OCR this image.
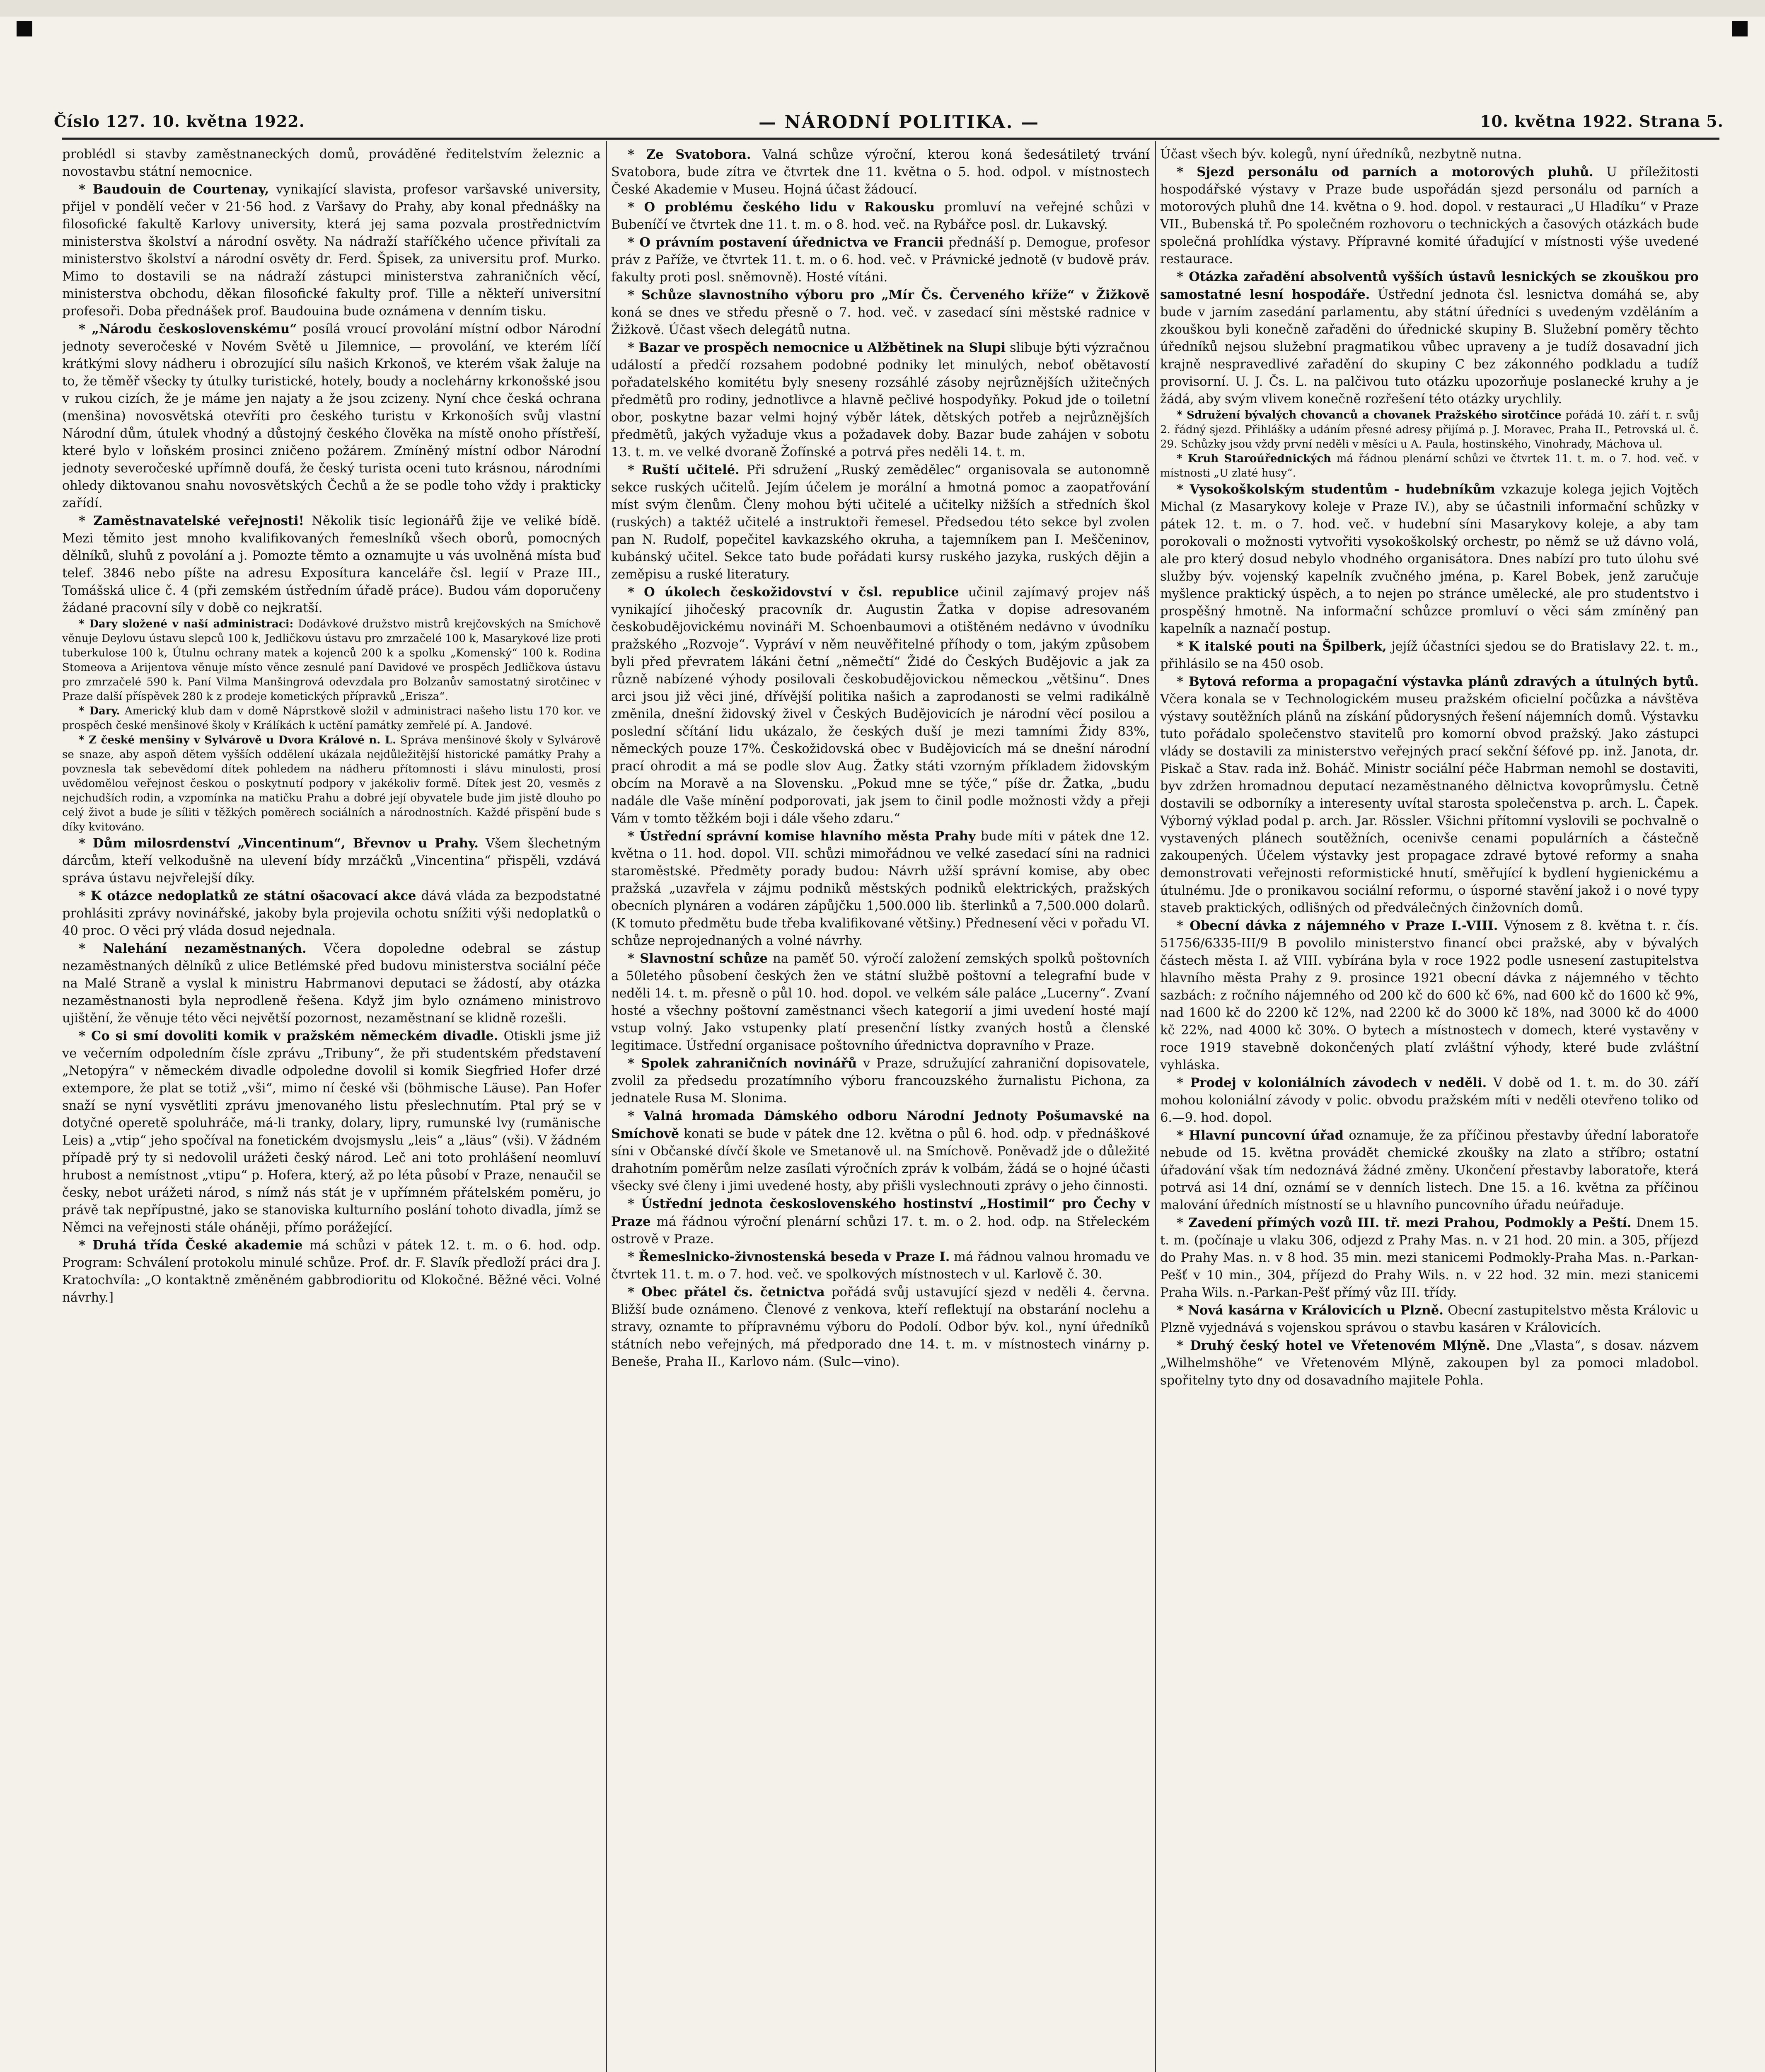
Číslo 127. 10. května 1922.	— NÁRODNÍ POLITIKA. —	10. května 1922. Strana 5.

problédl si stavby zaměstnaneckých domů, provádĕné ředitelstvím železnic a novostavbu státní nemocnice.

* Baudouin de Courtenay, vynikající slavista, profesor varšavské university, přijel v pondělí večer v 21·56 hod. z Varšavy do Prahy, aby konal přednášky na filosofické fakultě Karlovy university, která jej sama pozvala prostřednictvím ministerstva školství a národní osvěty. Na nádraží staříčkého učence přivítali za ministerstvo školství a národní osvěty dr. Ferd. Špisek, za universitu prof. Murko. Mimo to dostavili se na nádraží zástupci ministerstva zahraničních věcí, ministerstva obchodu, děkan filosofické fakulty prof. Tille a někteří universitní profesoři. Doba přednášek prof. Baudouina bude oznámena v denním tisku.

* „Národu československému“ posílá vroucí provolání místní odbor Národní jednoty severočeské v Novém Světě u Jilemnice, — provolání, ve kterém líčí krátkými slovy nádheru i obrozující sílu našich Krkonoš, ve kterém však žaluje na to, že těměř všecky ty útulky turistické, hotely, boudy a noclehárny krkonošské jsou v rukou cizích, že je máme jen najaty a že jsou zcizeny. Nyní chce česká ochrana (menšina) novosvětská otevříti pro českého turistu v Krkonoších svůj vlastní Národní dům, útulek vhodný a důstojný českého člověka na místě onoho přístřeší, které bylo v loňském prosinci zničeno požárem. Zmíněný místní odbor Národní jednoty severočeské upřímně doufá, že český turista oceni tuto krásnou, národními ohledy diktovanou snahu novosvětských Čechů a že se podle toho vždy i prakticky zařídí.

* Zaměstnavatelské veřejnosti! Několik tisíc legionářů žije ve veliké bídě. Mezi těmito jest mnoho kvalifikovaných řemeslníků všech oborů, pomocných dělníků, sluhů z povolání a j. Pomozte těmto a oznamujte u vás uvolněná místa buď telef. 3846 nebo píšte na adresu Exposítura kanceláře čsl. legií v Praze III., Tomášská ulice č. 4 (při zemském ústředním úřadě práce). Budou vám doporučeny žádané pracovní síly v době co nejkratší.

* Dary složené v naší administraci: Dodávkové družstvo mistrů krejčovských na Smíchově věnuje Deylovu ústavu slepců 100 k, Jedličkovu ústavu pro zmrzačelé 100 k, Masarykové lize proti tuberkulose 100 k, Útulnu ochrany matek a kojenců 200 k a spolku „Komenský“ 100 k. Rodina Stomeova a Arijentova věnuje místo věnce zesnulé paní Davidové ve prospěch Jedličkova ústavu pro zmrzačelé 590 k. Paní Vilma Manšingrová odevzdala pro Bolzanův samostatný sirotčinec v Praze další příspěvek 280 k z prodeje kometických přípravků „Erisza“.

* Dary. Americký klub dam v domě Náprstkově složil v administraci našeho listu 170 kor. ve prospěch české menšinové školy v Králíkách k uctění památky zemřelé pí. A. Jandové.

* Z české menšiny v Sylvárově u Dvora Králové n. L. Správa menšinové školy v Sylvárově se snaze, aby aspoň dětem vyšších oddělení ukázala nejdůležitější historické památky Prahy a povznesla tak sebevědomí dítek pohledem na nádheru přítomnosti i slávu minulosti, prosí uvědomělou veřejnost českou o poskytnutí podpory v jakékoliv formě. Dítek jest 20, vesměs z nejchudších rodin, a vzpomínka na matičku Prahu a dobré její obyvatele bude jim jistě dlouho po celý život a bude je síliti v těžkých poměrech sociálních a národnostních. Každé přispění bude s díky kvitováno.

* Dům milosrdenství „Vincentinum“, Břevnov u Prahy. Všem šlechetným dárcům, kteří velkodušně na ulevení bídy mrzáčků „Vincentina“ přispěli, vzdává správa ústavu nejvřelejší díky.

* K otázce nedoplatků ze státní ošacovací akce dává vláda za bezpodstatné prohlásiti zprávy novinářské, jakoby byla projevila ochotu snížiti výši nedoplatků o 40 proc. O věci prý vláda dosud nejednala.

* Nalehání nezaměstnaných. Včera dopoledne odebral se zástup nezaměstnaných dělníků z ulice Betlémské před budovu ministerstva sociální péče na Malé Straně a vyslal k ministru Habrmanovi deputaci se žádostí, aby otázka nezaměstnanosti byla neprodleně řešena. Když jim bylo oznámeno ministrovo ujištění, že věnuje této věci největší pozornost, nezaměstnaní se klidně rozešli.

* Co si smí dovoliti komik v pražském německém divadle. Otiskli jsme již ve večerním odpoledním čísle zprávu „Tribuny“, že při studentském představení „Netopýra“ v německém divadle odpoledne dovolil si komik Siegfried Hofer drzé extempore, že plat se totiž „vši“, mimo ní české vši (böhmische Läuse). Pan Hofer snaží se nyní vysvětliti zprávu jmenovaného listu přeslechnutím. Ptal prý se v dotyčné operetě spoluhráče, má-li tranky, dolary, lipry, rumunské lvy (rumänische Leis) a „vtip“ jeho spočíval na fonetickém dvojsmyslu „leis“ a „läus“ (vši). V žádném případě prý ty si nedovolil urážeti český národ. Leč ani toto prohlášení neomluví hrubost a nemístnost „vtipu“ p. Hofera, který, až po léta působí v Praze, nenaučil se česky, nebot urážeti národ, s nímž nás stát je v upřímném přátelském poměru, jo právě tak nepřípustné, jako se stanoviska kulturního poslání tohoto divadla, jímž se Němci na veřejnosti stále oháněji, přímo porážející.

* Druhá třída České akademie má schůzi v pátek 12. t. m. o 6. hod. odp. Program: Schválení protokolu minulé schůze. Prof. dr. F. Slavík předloží práci dra J. Kratochvíla: „O kontaktně změněném gabbrodioritu od Klokočné. Běžné věci. Volné návrhy.]

* Ze Svatobora. Valná schůze výroční, kterou koná šedesátiletý trvání Svatobora, bude zítra ve čtvrtek dne 11. května o 5. hod. odpol. v místnostech České Akademie v Museu. Hojná účast žádoucí.

* O problému českého lidu v Rakousku promluví na veřejné schůzi v Bubeníčí ve čtvrtek dne 11. t. m. o 8. hod. več. na Rybářce posl. dr. Lukavský.

* O právním postavení úřednictva ve Francii přednáší p. Demogue, profesor práv z Paříže, ve čtvrtek 11. t. m. o 6. hod. več. v Právnické jednotě (v budově práv. fakulty proti posl. sněmovně). Hosté vítáni.

* Schůze slavnostního výboru pro „Mír Čs. Červeného kříže“ v Žižkově koná se dnes ve středu přesně o 7. hod. več. v zasedací síni městské radnice v Žižkově. Účast všech delegátů nutna.

* Bazar ve prospěch nemocnice u Alžbětinek na Slupi slibuje býti výzračnou událostí a předčí rozsahem podobné podniky let minulých, neboť obětavostí pořadatelského komitétu byly sneseny rozsáhlé zásoby nejrůznějších užitečných předmětů pro rodiny, jednotlivce a hlavně pečlivé hospodyňky. Pokud jde o toiletní obor, poskytne bazar velmi hojný výběr látek, dětských potřeb a nejrůznějších předmětů, jakých vyžaduje vkus a požadavek doby. Bazar bude zahájen v sobotu 13. t. m. ve velké dvoraně Žofínské a potrvá přes neděli 14. t. m.

* Ruští učitelé. Při sdružení „Ruský zemědělec“ organisovala se autonomně sekce ruských učitelů. Jejím účelem je morální a hmotná pomoc a zaopatřování míst svým členům. Členy mohou býti učitelé a učitelky nižších a středních škol (ruských) a taktéž učitelé a instruktoři řemesel. Předsedou této sekce byl zvolen pan N. Rudolf, popečitel kavkazského okruha, a tajemníkem pan I. Meščeninov, kubánský učitel. Sekce tato bude pořádati kursy ruského jazyka, ruských dějin a zeměpisu a ruské literatury.

* O úkolech českožidovství v čsl. republice učinil zajímavý projev náš vynikající jihočeský pracovník dr. Augustin Žatka v dopise adresovaném českobudějovickému novináři M. Schoenbaumovi a otištěném nedávno v úvodníku pražského „Rozvoje“. Vypráví v něm neuvěřitelné příhody o tom, jakým způsobem byli před převratem lákáni četní „němečtí“ Židé do Českých Budějovic a jak za různě nabízené výhody posilovali českobudějovickou německou „většinu“. Dnes arci jsou již věci jiné, dřívější politika našich a zaprodanosti se velmi radikálně změnila, dnešní židovský živel v Českých Budějovicích je národní věcí posilou a poslední sčítání lidu ukázalo, že českých duší je mezi tamními Židy 83%, německých pouze 17%. Českožidovská obec v Budějovicích má se dnešní národní prací ohrodit a má se podle slov Aug. Žatky státi vzorným příkladem židovským obcím na Moravě a na Slovensku. „Pokud mne se týče,“ píše dr. Žatka, „budu nadále dle Vaše mínění podporovati, jak jsem to činil podle možnosti vždy a přeji Vám v tomto těžkém boji i dále všeho zdaru.“

* Ústřední správní komise hlavního města Prahy bude míti v pátek dne 12. května o 11. hod. dopol. VII. schůzi mimořádnou ve velké zasedací síni na radnici staroměstské. Předměty porady budou: Návrh užší správní komise, aby obec pražská „uzavřela v zájmu podniků městských podniků elektrických, pražských obecních plynáren a vodáren zápůjčku 1,500.000 lib. šterlinků a 7,500.000 dolarů. (K tomuto předmětu bude třeba kvalifikované většiny.) Přednesení věci v pořadu VI. schůze neprojednaných a volné návrhy.

* Slavnostní schůze na paměť 50. výročí založení zemských spolků poštovních a 50letého působení českých žen ve státní službě poštovní a telegrafní bude v neděli 14. t. m. přesně o půl 10. hod. dopol. ve velkém sále paláce „Lucerny“. Zvaní hosté a všechny poštovní zaměstnanci všech kategorií a jimi uvedení hosté mají vstup volný. Jako vstupenky platí presenční lístky zvaných hostů a členské legitimace. Ústřední organisace poštovního úřednictva dopravního v Praze.

* Spolek zahraničních novinářů v Praze, sdružující zahraniční dopisovatele, zvolil za předsedu prozatímního výboru francouzského žurnalistu Pichona, za jednatele Rusa M. Slonima.

* Valná hromada Dámského odboru Národní Jednoty Pošumavské na Smíchově konati se bude v pátek dne 12. května o půl 6. hod. odp. v přednáškové síni v Občanské dívčí škole ve Smetanově ul. na Smíchově. Poněvadž jde o důležité drahotním poměrům nelze zasílati výročních zpráv k volbám, žádá se o hojné účasti všecky své členy i jimi uvedené hosty, aby přišli vyslechnouti zprávy o jeho činnosti.

* Ústřední jednota československého hostinství „Hostimil“ pro Čechy v Praze má řádnou výroční plenární schůzi 17. t. m. o 2. hod. odp. na Střeleckém ostrově v Praze.

* Řemeslnicko-živnostenská beseda v Praze I. má řádnou valnou hromadu ve čtvrtek 11. t. m. o 7. hod. več. ve spolkových místnostech v ul. Karlově č. 30.

* Obec přátel čs. četnictva pořádá svůj ustavující sjezd v neděli 4. června. Bližší bude oznámeno. Členové z venkova, kteří reflektují na obstarání noclehu a stravy, oznamte to přípravnému výboru do Podolí. Odbor býv. kol., nyní úředníků státních nebo veřejných, má předporado dne 14. t. m. v místnostech vinárny p. Beneše, Praha II., Karlovo nám. (Sulc—vino).

Účast všech býv. kolegů, nyní úředníků, nezbytně nutna.

* Sjezd personálu od parních a motorových pluhů. U příležitosti hospodářské výstavy v Praze bude uspořádán sjezd personálu od parních a motorových pluhů dne 14. května o 9. hod. dopol. v restauraci „U Hladíku“ v Praze VII., Bubenská tř. Po společném rozhovoru o technických a časových otázkách bude společná prohlídka výstavy. Přípravné komité úřadující v místnosti výše uvedené restaurace.

* Otázka zařadění absolventů vyšších ústavů lesnických se zkouškou pro samostatné lesní hospodáře. Ústřední jednota čsl. lesnictva domáhá se, aby bude v jarním zasedání parlamentu, aby státní úředníci s uvedeným vzděláním a zkouškou byli konečně zařaděni do úřednické skupiny B. Služební poměry těchto úředníků nejsou služební pragmatikou vůbec upraveny a je tudíž dosavadní jich krajně nespravedlivé zařadění do skupiny C bez zákonného podkladu a tudíž provisorní. U. J. Čs. L. na palčivou tuto otázku upozorňuje poslanecké kruhy a je žádá, aby svým vlivem konečně rozřešení této otázky urychlily.

* Sdružení bývalých chovanců a chovanek Pražského sirotčince pořádá 10. září t. r. svůj 2. řádný sjezd. Přihlášky a udáním přesné adresy přijímá p. J. Moravec, Praha II., Petrovská ul. č. 29. Schůzky jsou vždy první neděli v měsíci u A. Paula, hostinského, Vinohrady, Máchova ul.

* Kruh Staroúřednických má řádnou plenární schůzi ve čtvrtek 11. t. m. o 7. hod. več. v místnosti „U zlaté husy“.

* Vysokoškolským studentům - hudebníkům vzkazuje kolega jejich Vojtěch Michal (z Masarykovy koleje v Praze IV.), aby se účastnili informační schůzky v pátek 12. t. m. o 7. hod. več. v hudební síni Masarykovy koleje, a aby tam porokovali o možnosti vytvořiti vysokoškolský orchestr, po němž se už dávno volá, ale pro který dosud nebylo vhodného organisátora. Dnes nabízí pro tuto úlohu své služby býv. vojenský kapelník zvučného jména, p. Karel Bobek, jenž zaručuje myšlence praktický úspěch, a to nejen po stránce umělecké, ale pro studentstvo i prospěšný hmotně. Na informační schůzce promluví o věci sám zmíněný pan kapelník a naznačí postup.

* K italské pouti na Špilberk, jejíž účastníci sjedou se do Bratislavy 22. t. m., přihlásilo se na 450 osob.

* Bytová reforma a propagační výstavka plánů zdravých a útulných bytů. Včera konala se v Technologickém museu pražském oficielní počůzka a návštěva výstavy soutěžních plánů na získání půdorysných řešení nájemních domů. Výstavku tuto pořádalo společenstvo stavitelů pro komorní obvod pražský. Jako zástupci vlády se dostavili za ministerstvo veřejných prací sekční šéfové pp. inž. Janota, dr. Piskač a Stav. rada inž. Boháč. Ministr sociální péče Habrman nemohl se dostaviti, byv zdržen hromadnou deputací nezaměstnaného dělnictva kovoprůmyslu. Četně dostavili se odborníky a interesenty uvítal starosta společenstva p. arch. L. Čapek. Výborný výklad podal p. arch. Jar. Rössler. Všichni přítomní vyslovili se pochvalně o vystavených plánech soutěžních, ocenivše cenami populárních a částečně zakoupených. Účelem výstavky jest propagace zdravé bytové reformy a snaha demonstrovati veřejnosti reformistické hnutí, směřující k bydlení hygienickému a útulnému. Jde o pronikavou sociální reformu, o úsporné stavění jakož i o nové typy staveb praktických, odlišných od předválečných činžovních domů.

* Obecní dávka z nájemného v Praze I.-VIII. Výnosem z 8. května t. r. čís. 51756/6335-III/9 B povolilo ministerstvo financí obci pražské, aby v bývalých částech města I. až VIII. vybírána byla v roce 1922 podle usnesení zastupitelstva hlavního města Prahy z 9. prosince 1921 obecní dávka z nájemného v těchto sazbách: z ročního nájemného od 200 kč do 600 kč 6%, nad 600 kč do 1600 kč 9%, nad 1600 kč do 2200 kč 12%, nad 2200 kč do 3000 kč 18%, nad 3000 kč do 4000 kč 22%, nad 4000 kč 30%. O bytech a místnostech v domech, které vystavěny v roce 1919 stavebně dokončených platí zvláštní výhody, které bude zvláštní vyhláska.

* Prodej v koloniálních závodech v neděli. V době od 1. t. m. do 30. září mohou koloniální závody v polic. obvodu pražském míti v neděli otevřeno toliko od 6.—9. hod. dopol.

* Hlavní puncovní úřad oznamuje, že za příčinou přestavby úřední laboratoře nebude od 15. května provádět chemické zkoušky na zlato a stříbro; ostatní úřadování však tím nedoznává žádné změny. Ukončení přestavby laboratoře, která potrvá asi 14 dní, oznámí se v denních listech. Dne 15. a 16. května za příčinou malování úředních místností se u hlavního puncovního úřadu neúřaduje.

* Zavedení přímých vozů III. tř. mezi Prahou, Podmokly a Peští. Dnem 15. t. m. (počínaje u vlaku 306, odjezd z Prahy Mas. n. v 21 hod. 20 min. a 305, příjezd do Prahy Mas. n. v 8 hod. 35 min. mezi stanicemi Podmokly-Praha Mas. n.-Parkan-Pešť v 10 min., 304, příjezd do Prahy Wils. n. v 22 hod. 32 min. mezi stanicemi Praha Wils. n.-Parkan-Pešť přímý vůz III. třídy.

* Nová kasárna v Královicích u Plzně. Obecní zastupitelstvo města Královic u Plzně vyjednává s vojenskou správou o stavbu kasáren v Královicích.

* Druhý český hotel ve Vřetenovém Mlýně. Dne „Vlasta“, s dosav. názvem „Wilhelmshöhe“ ve Vřetenovém Mlýně, zakoupen byl za pomoci mladobol. spořitelny tyto dny od dosavadního majitele Pohla.
